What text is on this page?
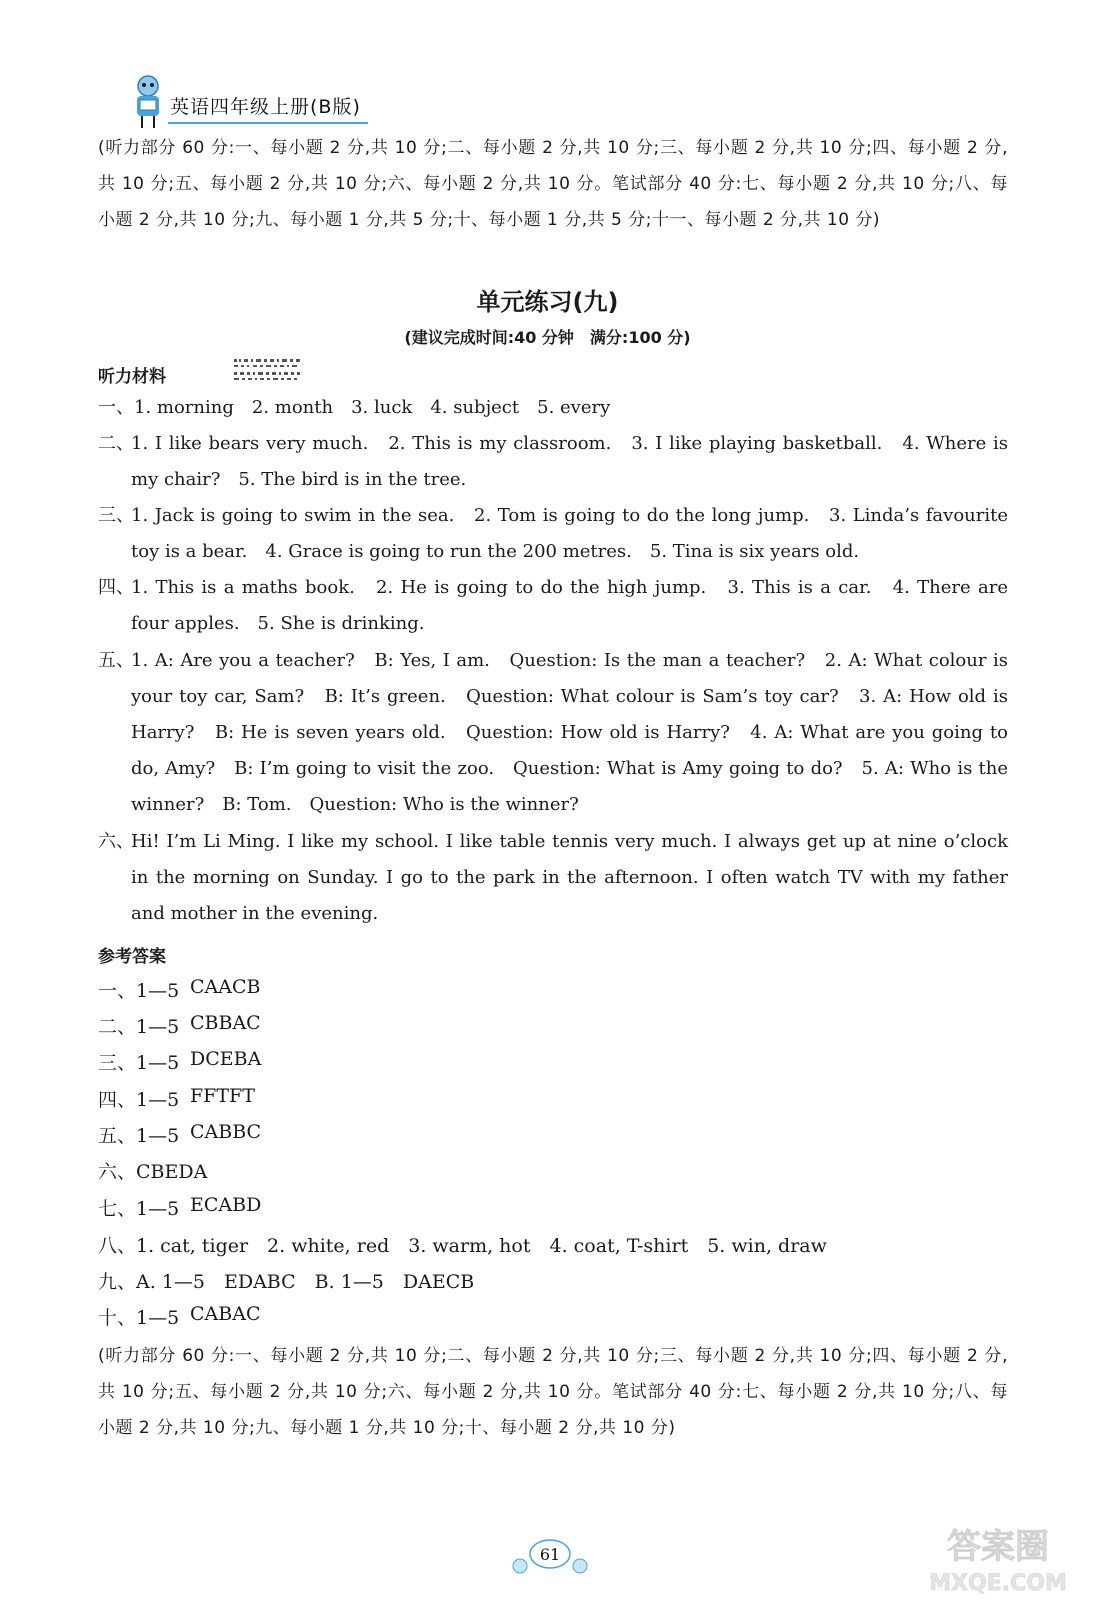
英语四年级上册(B版)
(听力部分 60 分:一、每小题 2 分,共 10 分;二、每小题 2 分,共 10 分;三、每小题 2 分,共 10 分;四、每小题 2 分,共 10 分;五、每小题 2 分,共 10 分;六、每小题 2 分,共 10 分。笔试部分 40 分:七、每小题 2 分,共 10 分;八、每小题 2 分,共 10 分;九、每小题 1 分,共 5 分;十、每小题 1 分,共 5 分;十一、每小题 2 分,共 10 分)
单元练习(九)
(建议完成时间:40 分钟　满分:100 分)
听力材料
一、1. morning　2. month　3. luck　4. subject　5. every
二、
1. I like bears very much.　2. This is my classroom.　3. I like playing basketball.　4. Where is my chair?　5. The bird is in the tree.
三、
1. Jack is going to swim in the sea.　2. Tom is going to do the long jump.　3. Linda’s favourite toy is a bear.　4. Grace is going to run the 200 metres.　5. Tina is six years old.
四、
1. This is a maths book.　2. He is going to do the high jump.　3. This is a car.　4. There are four apples.　5. She is drinking.
五、
1. A: Are you a teacher?　B: Yes, I am.　Question: Is the man a teacher?　2. A: What colour is your toy car, Sam?　B: It’s green.　Question: What colour is Sam’s toy car?　3. A: How old is Harry?　B: He is seven years old.　Question: How old is Harry?　4. A: What are you going to do, Amy?　B: I’m going to visit the zoo.　Question: What is Amy going to do?　5. A: Who is the winner?　B: Tom.　Question: Who is the winner?
六、
Hi! I’m Li Ming. I like my school. I like table tennis very much. I always get up at nine o’clock in the morning on Sunday. I go to the park in the afternoon. I often watch TV with my father and mother in the evening.
参考答案
一、1—5 CAACB
二、1—5 CBBAC
三、1—5 DCEBA
四、1—5 FFTFT
五、1—5 CABBC
六、CBEDA
七、1—5 ECABD
八、1. cat, tiger　2. white, red　3. warm, hot　4. coat, T-shirt　5. win, draw
九、A. 1—5　EDABC　B. 1—5　DAECB
十、1—5 CABAC
(听力部分 60 分:一、每小题 2 分,共 10 分;二、每小题 2 分,共 10 分;三、每小题 2 分,共 10 分;四、每小题 2 分,共 10 分;五、每小题 2 分,共 10 分;六、每小题 2 分,共 10 分。笔试部分 40 分:七、每小题 2 分,共 10 分;八、每小题 2 分,共 10 分;九、每小题 1 分,共 10 分;十、每小题 2 分,共 10 分)
61	答案圈
MXQE.COM
